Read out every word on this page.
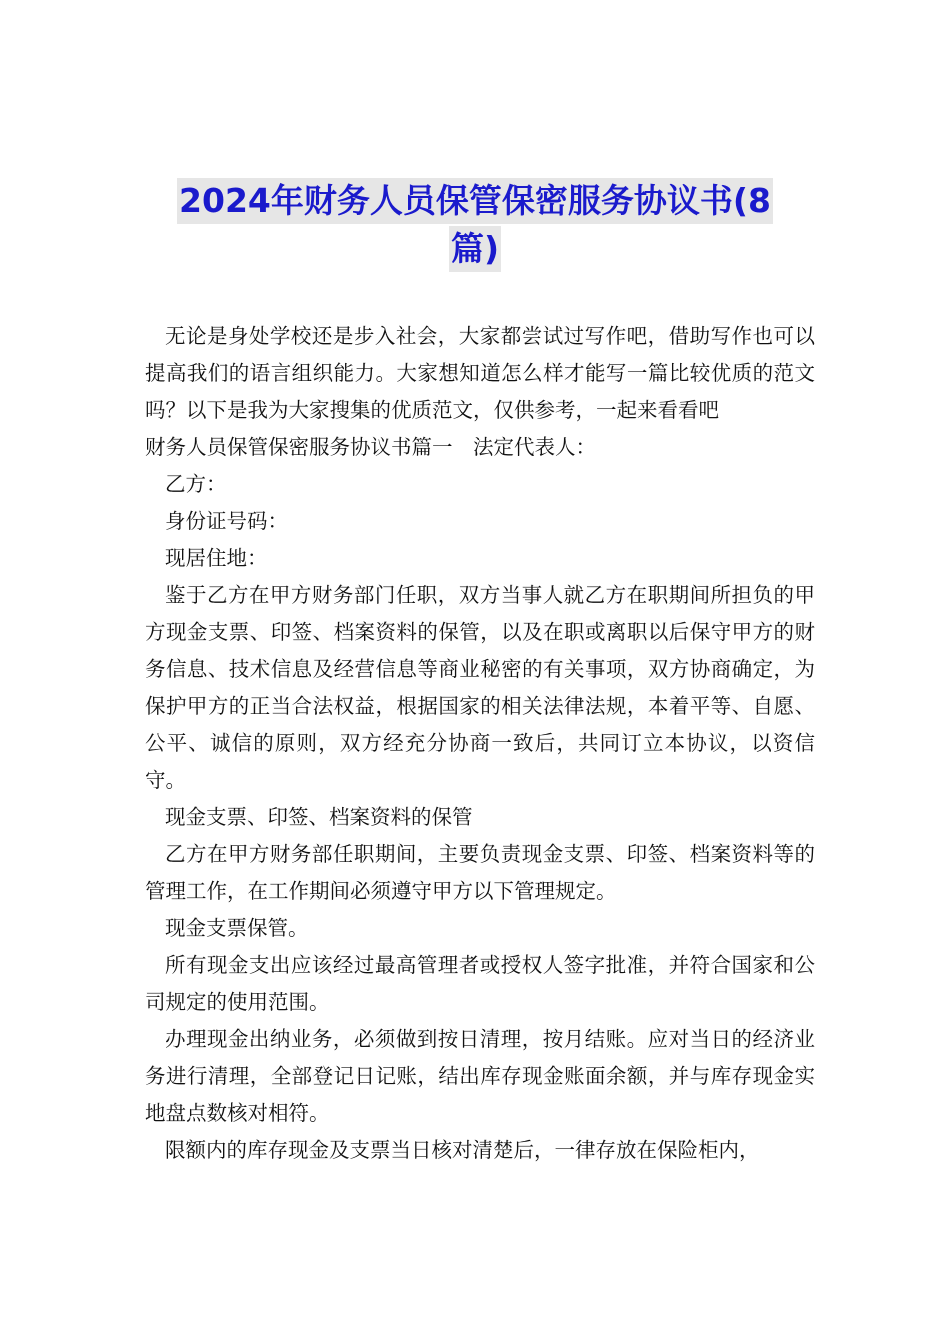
2024年财务人员保管保密服务协议书(8
篇)

无论是身处学校还是步入社会，大家都尝试过写作吧，借助写作也可以提高我们的语言组织能力。大家想知道怎么样才能写一篇比较优质的范文吗？以下是我为大家搜集的优质范文，仅供参考，一起来看看吧

财务人员保管保密服务协议书篇一　法定代表人：

乙方：

身份证号码：

现居住地：

鉴于乙方在甲方财务部门任职，双方当事人就乙方在职期间所担负的甲方现金支票、印签、档案资料的保管，以及在职或离职以后保守甲方的财务信息、技术信息及经营信息等商业秘密的有关事项，双方协商确定，为保护甲方的正当合法权益，根据国家的相关法律法规，本着平等、自愿、公平、诚信的原则，双方经充分协商一致后，共同订立本协议，以资信守。

现金支票、印签、档案资料的保管

乙方在甲方财务部任职期间，主要负责现金支票、印签、档案资料等的管理工作，在工作期间必须遵守甲方以下管理规定。

现金支票保管。

所有现金支出应该经过最高管理者或授权人签字批准，并符合国家和公司规定的使用范围。

办理现金出纳业务，必须做到按日清理，按月结账。应对当日的经济业务进行清理，全部登记日记账，结出库存现金账面余额，并与库存现金实地盘点数核对相符。

限额内的库存现金及支票当日核对清楚后，一律存放在保险柜内，
